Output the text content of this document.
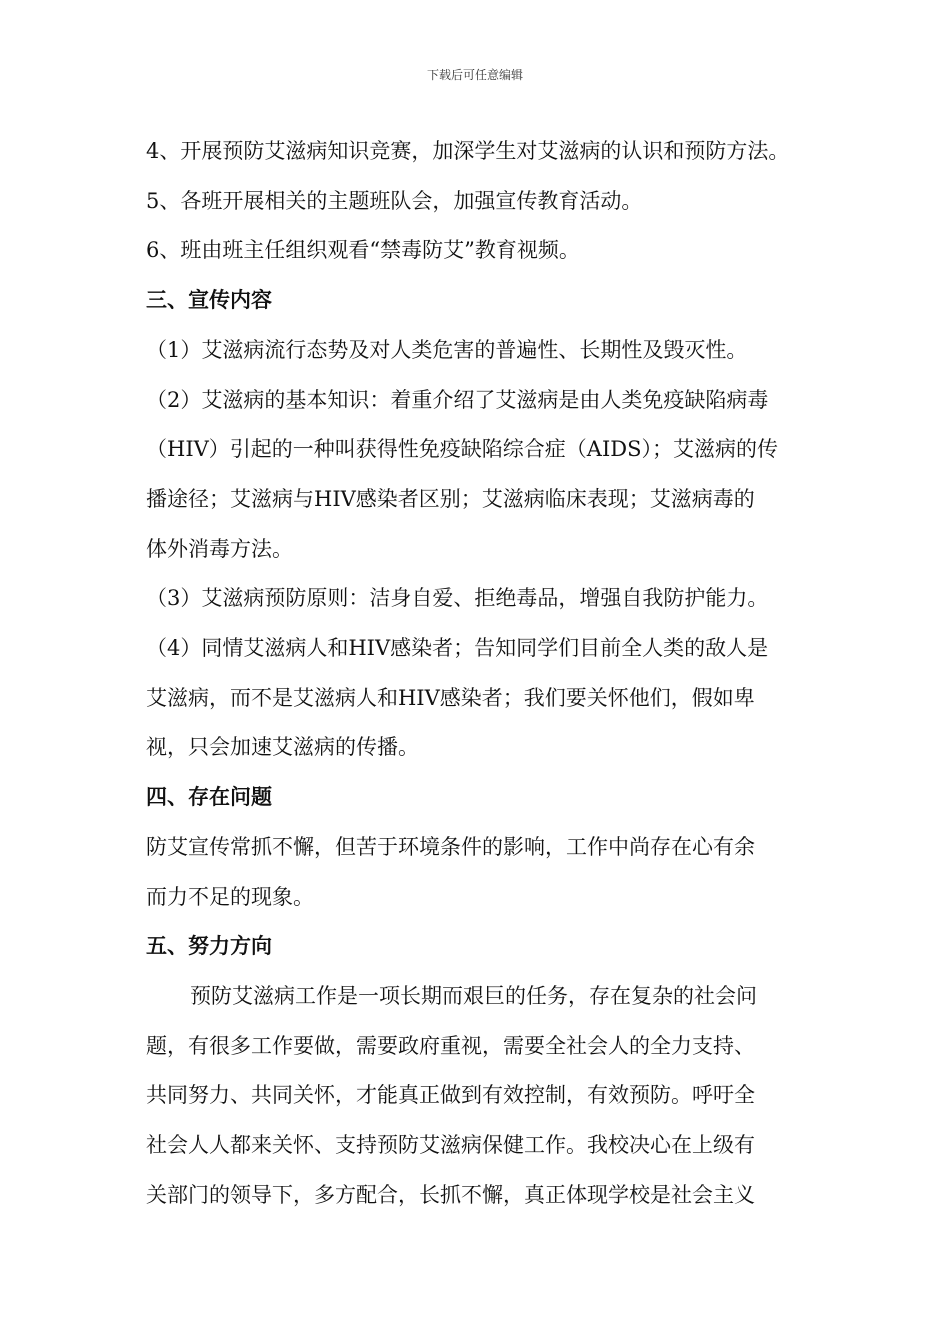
下载后可任意编辑
4、开展预防艾滋病知识竞赛，加深学生对艾滋病的认识和预防方法。
5、各班开展相关的主题班队会，加强宣传教育活动。
6、班由班主任组织观看“禁毒防艾”教育视频。
三、宣传内容
（1）艾滋病流行态势及对人类危害的普遍性、长期性及毁灭性。
（2）艾滋病的基本知识：着重介绍了艾滋病是由人类免疫缺陷病毒
（HIV）引起的一种叫获得性免疫缺陷综合症（AIDS）；艾滋病的传
播途径；艾滋病与HIV感染者区别；艾滋病临床表现；艾滋病毒的
体外消毒方法。
（3）艾滋病预防原则：洁身自爱、拒绝毒品，增强自我防护能力。
（4）同情艾滋病人和HIV感染者；告知同学们目前全人类的敌人是
艾滋病，而不是艾滋病人和HIV感染者；我们要关怀他们，假如卑
视，只会加速艾滋病的传播。
四、存在问题
防艾宣传常抓不懈，但苦于环境条件的影响，工作中尚存在心有余
而力不足的现象。
五、努力方向
预防艾滋病工作是一项长期而艰巨的任务，存在复杂的社会问
题，有很多工作要做，需要政府重视，需要全社会人的全力支持、
共同努力、共同关怀，才能真正做到有效控制，有效预防。呼吁全
社会人人都来关怀、支持预防艾滋病保健工作。我校决心在上级有
关部门的领导下，多方配合，长抓不懈，真正体现学校是社会主义
